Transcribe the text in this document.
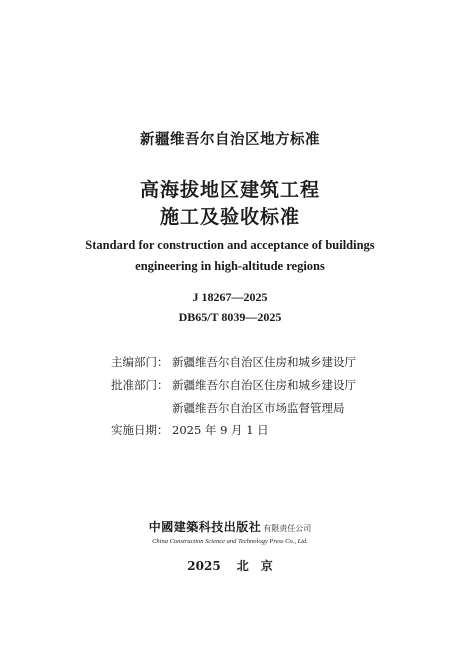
新疆维吾尔自治区地方标准
高海拔地区建筑工程
施工及验收标准
Standard for construction and acceptance of buildings
engineering in high-altitude regions
J 18267—2025
DB65/T 8039—2025
主编部门： 新疆维吾尔自治区住房和城乡建设厅
批准部门： 新疆维吾尔自治区住房和城乡建设厅
新疆维吾尔自治区市场监督管理局
实施日期： 2025 年 9 月 1 日
中國建築科技出版社 有限责任公司
China Construction Science and Technology Press Co., Ltd.
2025 北　京
